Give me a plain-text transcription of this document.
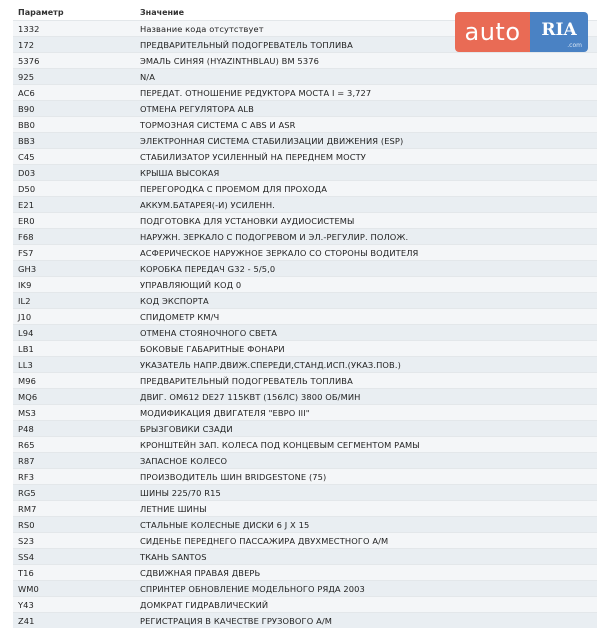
Параметр	Значение
1332	Название кода отсутствует
172	ПРЕДВАРИТЕЛЬНЫЙ ПОДОГРЕВАТЕЛЬ ТОПЛИВА
5376	ЭМАЛЬ СИНЯЯ (HYAZINTHBLAU) BM 5376
925	N/A
AC6	ПЕРЕДАТ. ОТНОШЕНИЕ РЕДУКТОРА МОСТА I = 3,727
B90	ОТМЕНА РЕГУЛЯТОРА ALB
BB0	ТОРМОЗНАЯ СИСТЕМА С ABS И ASR
BB3	ЭЛЕКТРОННАЯ СИСТЕМА СТАБИЛИЗАЦИИ ДВИЖЕНИЯ (ESP)
C45	СТАБИЛИЗАТОР УСИЛЕННЫЙ НА ПЕРЕДНЕМ МОСТУ
D03	КРЫША ВЫСОКАЯ
D50	ПЕРЕГОРОДКА С ПРОЕМОМ ДЛЯ ПРОХОДА
E21	АККУМ.БАТАРЕЯ(-И) УСИЛЕНН.
ER0	ПОДГОТОВКА ДЛЯ УСТАНОВКИ АУДИОСИСТЕМЫ
F68	НАРУЖН. ЗЕРКАЛО С ПОДОГРЕВОМ И ЭЛ.-РЕГУЛИР. ПОЛОЖ.
FS7	АСФЕРИЧЕСКОЕ НАРУЖНОЕ ЗЕРКАЛО СО СТОРОНЫ ВОДИТЕЛЯ
GH3	КОРОБКА ПЕРЕДАЧ G32 - 5/5,0
IK9	УПРАВЛЯЮЩИЙ КОД 0
IL2	КОД ЭКСПОРТА
J10	СПИДОМЕТР КМ/Ч
L94	ОТМЕНА СТОЯНОЧНОГО СВЕТА
LB1	БОКОВЫЕ ГАБАРИТНЫЕ ФОНАРИ
LL3	УКАЗАТЕЛЬ НАПР.ДВИЖ.СПЕРЕДИ,СТАНД.ИСП.(УКАЗ.ПОВ.)
M96	ПРЕДВАРИТЕЛЬНЫЙ ПОДОГРЕВАТЕЛЬ ТОПЛИВА
MQ6	ДВИГ. OM612 DE27 115КВТ (156ЛС) 3800 ОБ/МИН
MS3	МОДИФИКАЦИЯ ДВИГАТЕЛЯ "ЕВРО III"
P48	БРЫЗГОВИКИ СЗАДИ
R65	КРОНШТЕЙН ЗАП. КОЛЕСА ПОД КОНЦЕВЫМ СЕГМЕНТОМ РАМЫ
R87	ЗАПАСНОЕ КОЛЕСО
RF3	ПРОИЗВОДИТЕЛЬ ШИН BRIDGESTONE (75)
RG5	ШИНЫ 225/70 R15
RM7	ЛЕТНИЕ ШИНЫ
RS0	СТАЛЬНЫЕ КОЛЕСНЫЕ ДИСКИ 6 J X 15
S23	СИДЕНЬЕ ПЕРЕДНЕГО ПАССАЖИРА ДВУХМЕСТНОГО А/М
SS4	ТКАНЬ SANTOS
T16	СДВИЖНАЯ ПРАВАЯ ДВЕРЬ
WM0	СПРИНТЕР ОБНОВЛЕНИЕ МОДЕЛЬНОГО РЯДА 2003
Y43	ДОМКРАТ ГИДРАВЛИЧЕСКИЙ
Z41	РЕГИСТРАЦИЯ В КАЧЕСТВЕ ГРУЗОВОГО А/М
auto	RIA
.com
